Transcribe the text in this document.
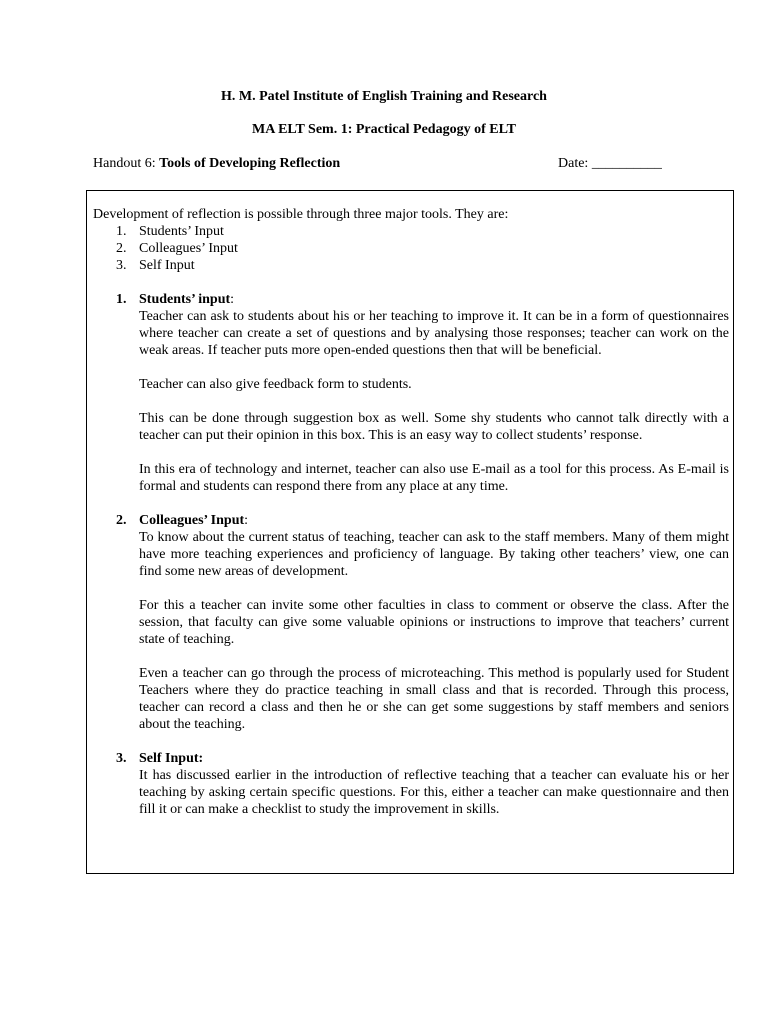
H. M. Patel Institute of English Training and Research
MA ELT Sem. 1: Practical Pedagogy of ELT
Handout 6: Tools of Developing Reflection	Date: __________

Development of reflection is possible through three major tools. They are:

1. Students’ Input
2. Colleagues’ Input
3. Self Input
1. Students’ input:

Teacher can ask to students about his or her teaching to improve it. It can be in a form of questionnaires where teacher can create a set of questions and by analysing those responses; teacher can work on the weak areas. If teacher puts more open-ended questions then that will be beneficial.

Teacher can also give feedback form to students.

This can be done through suggestion box as well. Some shy students who cannot talk directly with a teacher can put their opinion in this box. This is an easy way to collect students’ response.

In this era of technology and internet, teacher can also use E-mail as a tool for this process. As E-mail is formal and students can respond there from any place at any time.

2. Colleagues’ Input:

To know about the current status of teaching, teacher can ask to the staff members. Many of them might have more teaching experiences and proficiency of language. By taking other teachers’ view, one can find some new areas of development.

For this a teacher can invite some other faculties in class to comment or observe the class. After the session, that faculty can give some valuable opinions or instructions to improve that teachers’ current state of teaching.

Even a teacher can go through the process of microteaching. This method is popularly used for Student Teachers where they do practice teaching in small class and that is recorded. Through this process, teacher can record a class and then he or she can get some suggestions by staff members and seniors about the teaching.

3. Self Input:

It has discussed earlier in the introduction of reflective teaching that a teacher can evaluate his or her teaching by asking certain specific questions. For this, either a teacher can make questionnaire and then fill it or can make a checklist to study the improvement in skills.
